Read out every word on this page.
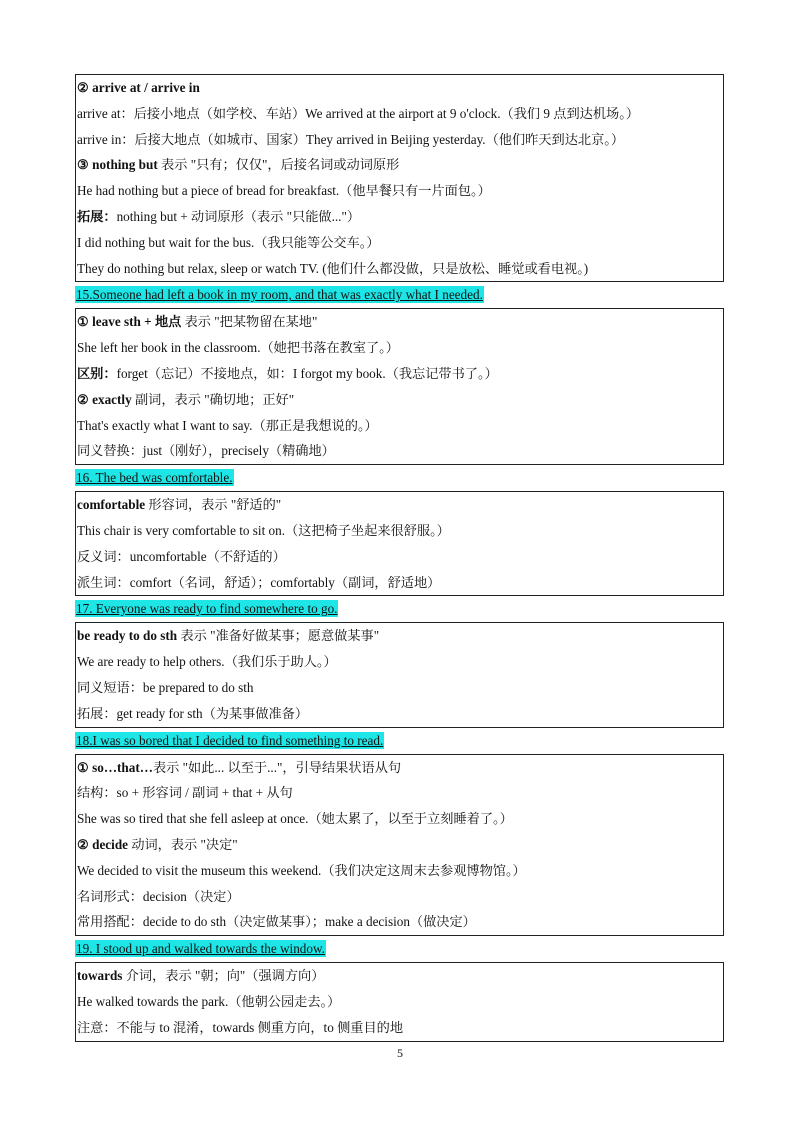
② arrive at / arrive in
arrive at：后接小地点（如学校、车站）We arrived at the airport at 9 o'clock.（我们 9 点到达机场。）
arrive in：后接大地点（如城市、国家）They arrived in Beijing yesterday.（他们昨天到达北京。）
③ nothing but 表示 "只有；仅仅"，后接名词或动词原形
He had nothing but a piece of bread for breakfast.（他早餐只有一片面包。）
拓展：nothing but + 动词原形（表示 "只能做..."）
I did nothing but wait for the bus.（我只能等公交车。）
They do nothing but relax, sleep or watch TV. (他们什么都没做，只是放松、睡觉或看电视。)
15.Someone had left a book in my room, and that was exactly what I needed.
① leave sth + 地点 表示 "把某物留在某地"
She left her book in the classroom.（她把书落在教室了。）
区别：forget（忘记）不接地点，如：I forgot my book.（我忘记带书了。）
② exactly 副词，表示 "确切地；正好"
That's exactly what I want to say.（那正是我想说的。）
同义替换：just（刚好），precisely（精确地）
16. The bed was comfortable.
comfortable 形容词，表示 "舒适的"
This chair is very comfortable to sit on.（这把椅子坐起来很舒服。）
反义词：uncomfortable（不舒适的）
派生词：comfort（名词，舒适）；comfortably（副词，舒适地）
17. Everyone was ready to find somewhere to go.
be ready to do sth 表示 "准备好做某事；愿意做某事"
We are ready to help others.（我们乐于助人。）
同义短语：be prepared to do sth
拓展：get ready for sth（为某事做准备）
18.I was so bored that I decided to find something to read.
① so…that…表示 "如此... 以至于..."，引导结果状语从句
结构：so + 形容词 / 副词 + that + 从句
She was so tired that she fell asleep at once.（她太累了，以至于立刻睡着了。）
② decide 动词，表示 "决定"
We decided to visit the museum this weekend.（我们决定这周末去参观博物馆。）
名词形式：decision（决定）
常用搭配：decide to do sth（决定做某事）；make a decision（做决定）
19. I stood up and walked towards the window.
towards 介词，表示 "朝；向"（强调方向）
He walked towards the park.（他朝公园走去。）
注意：不能与 to 混淆，towards 侧重方向，to 侧重目的地
5
